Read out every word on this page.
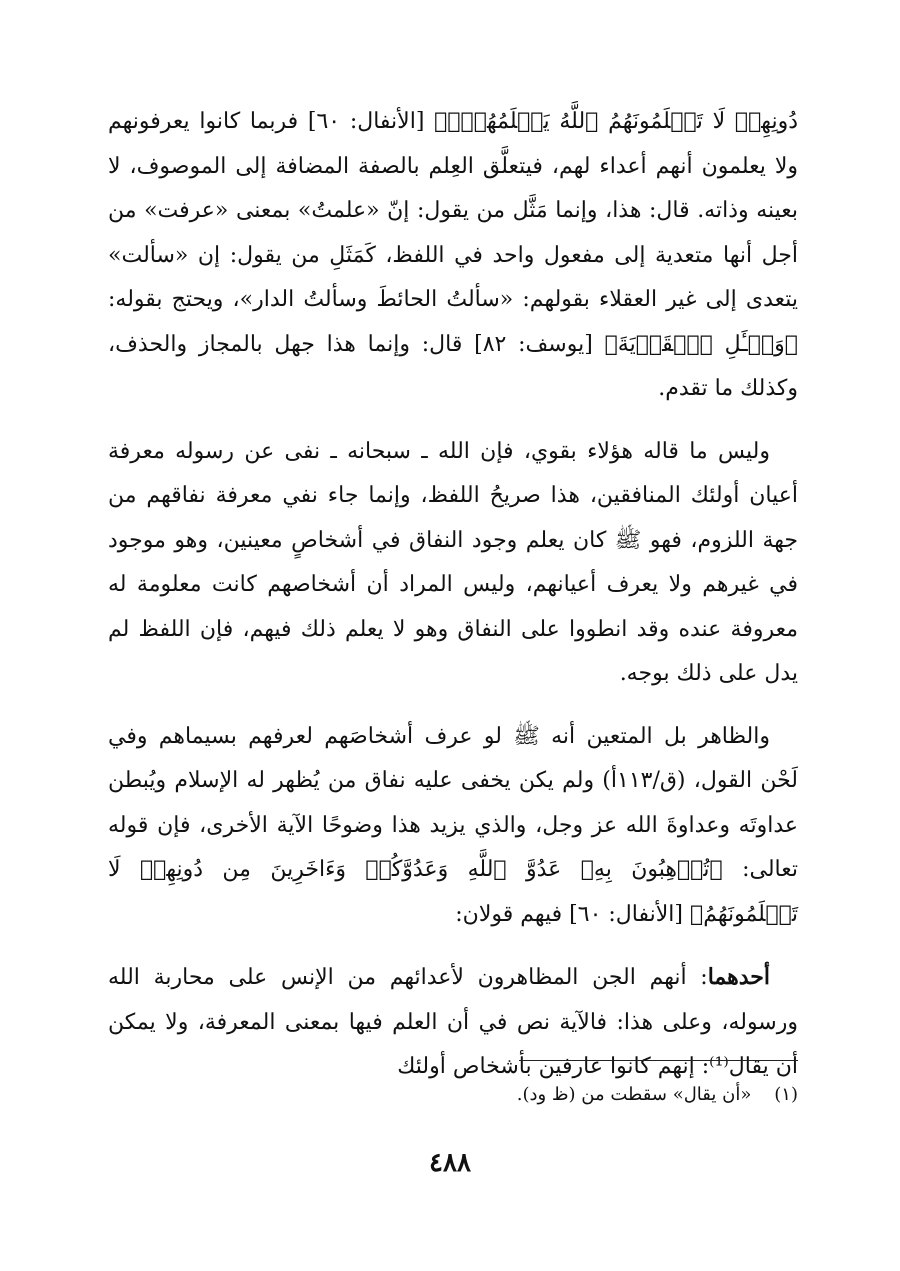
دُونِهِمۡ لَا تَعۡلَمُونَهُمُ ٱللَّهُ يَعۡلَمُهُمۡۚ﴾ [الأنفال: ٦٠] فربما كانوا يعرفونهم ولا يعلمون أنهم أعداء لهم، فيتعلَّق العِلم بالصفة المضافة إلى الموصوف، لا بعينه وذاته. قال: هذا، وإنما مَثَّل من يقول: إنّ «علمتُ» بمعنى «عرفت» من أجل أنها متعدية إلى مفعول واحد في اللفظ، كَمَثَلِ من يقول: إن «سألت» يتعدى إلى غير العقلاء بقولهم: «سألتُ الحائطَ وسألتُ الدار»، ويحتج بقوله: ﴿وَسۡـَٔلِ ٱلۡقَرۡيَةَ﴾ [يوسف: ٨٢] قال: وإنما هذا جهل بالمجاز والحذف، وكذلك ما تقدم.

وليس ما قاله هؤلاء بقوي، فإن الله ـ سبحانه ـ نفى عن رسوله معرفة أعيان أولئك المنافقين، هذا صريحُ اللفظ، وإنما جاء نفي معرفة نفاقهم من جهة اللزوم، فهو ﷺ كان يعلم وجود النفاق في أشخاصٍ معينين، وهو موجود في غيرهم ولا يعرف أعيانهم، وليس المراد أن أشخاصهم كانت معلومة له معروفة عنده وقد انطووا على النفاق وهو لا يعلم ذلك فيهم، فإن اللفظ لم يدل على ذلك بوجه.

والظاهر بل المتعين أنه ﷺ لو عرف أشخاصَهم لعرفهم بسيماهم وفي لَحْن القول، (ق/١١٣أ) ولم يكن يخفى عليه نفاق من يُظهر له الإسلام ويُبطن عداوتَه وعداوةَ الله عز وجل، والذي يزيد هذا وضوحًا الآية الأخرى، فإن قوله تعالى: ﴿تُرۡهِبُونَ بِهِۦ عَدُوَّ ٱللَّهِ وَعَدُوَّكُمۡ وَءَاخَرِينَ مِن دُونِهِمۡ لَا تَعۡلَمُونَهُمُ﴾ [الأنفال: ٦٠] فيهم قولان:

أحدهما: أنهم الجن المظاهرون لأعدائهم من الإنس على محاربة الله ورسوله، وعلى هذا: فالآية نص في أن العلم فيها بمعنى المعرفة، ولا يمكن أن يقال⁽¹⁾: إنهم كانوا عارفين بأشخاص أولئك

(١)    «أن يقال» سقطت من (ظ ود).
٤٨٨
